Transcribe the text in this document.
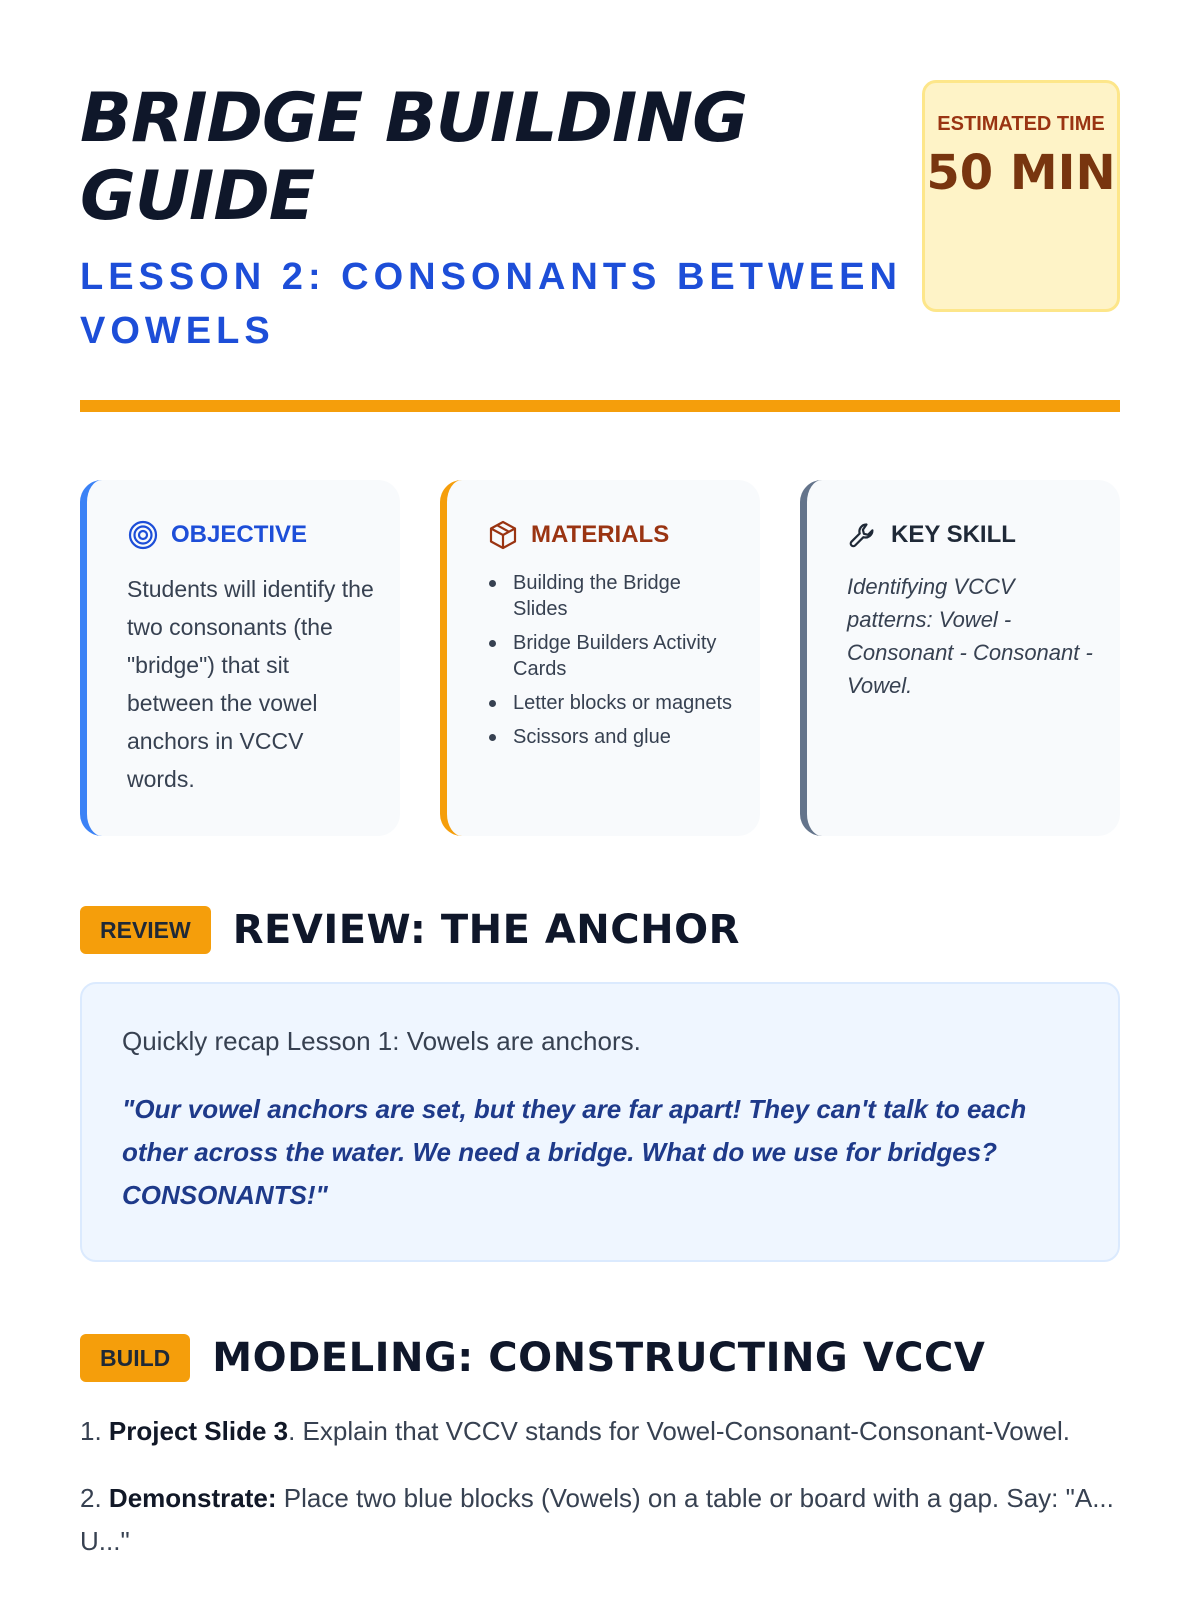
BRIDGE BUILDING GUIDE
LESSON 2: CONSONANTS BETWEEN VOWELS
ESTIMATED TIME
50 MIN
OBJECTIVE

Students will identify the two consonants (the "bridge") that sit between the vowel anchors in VCCV words.

MATERIALS
Building the Bridge Slides
Bridge Builders Activity Cards
Letter blocks or magnets
Scissors and glue
KEY SKILL

Identifying VCCV patterns: Vowel - Consonant - Consonant - Vowel.

REVIEW	REVIEW: THE ANCHOR

Quickly recap Lesson 1: Vowels are anchors.

"Our vowel anchors are set, but they are far apart! They can't talk to each other across the water. We need a bridge. What do we use for bridges? CONSONANTS!"

BUILD	MODELING: CONSTRUCTING VCCV

1. Project Slide 3. Explain that VCCV stands for Vowel-Consonant-Consonant-Vowel.

2. Demonstrate: Place two blue blocks (Vowels) on a table or board with a gap. Say: "A... U..."
